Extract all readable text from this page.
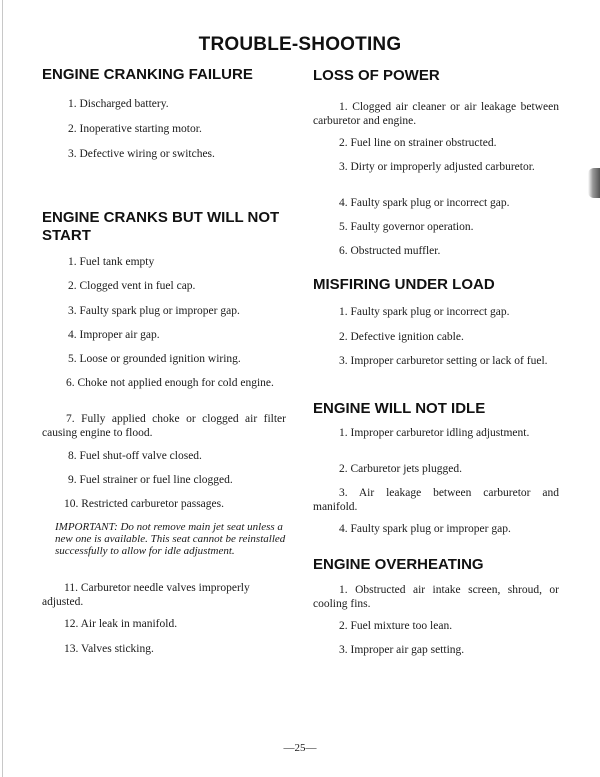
TROUBLE-SHOOTING
ENGINE CRANKING FAILURE
1. Discharged battery.
2. Inoperative starting motor.
3. Defective wiring or switches.
ENGINE CRANKS BUT WILL NOT
START
1. Fuel tank empty
2. Clogged vent in fuel cap.
3. Faulty spark plug or improper gap.
4. Improper air gap.
5. Loose or grounded ignition wiring.
6. Choke not applied enough for cold engine.
7. Fully applied choke or clogged air filter causing engine to flood.
8. Fuel shut-off valve closed.
9. Fuel strainer or fuel line clogged.
10. Restricted carburetor passages.
IMPORTANT: Do not remove main jet seat unless a new one is available. This seat cannot be reinstalled successfully to allow for idle adjustment.
11. Carburetor needle valves improperly adjusted.
12. Air leak in manifold.
13. Valves sticking.
LOSS OF POWER
1. Clogged air cleaner or air leakage between carburetor and engine.
2. Fuel line on strainer obstructed.
3. Dirty or improperly adjusted carburetor.
4. Faulty spark plug or incorrect gap.
5. Faulty governor operation.
6. Obstructed muffler.
MISFIRING UNDER LOAD
1. Faulty spark plug or incorrect gap.
2. Defective ignition cable.
3. Improper carburetor setting or lack of fuel.
ENGINE WILL NOT IDLE
1. Improper carburetor idling adjustment.
2. Carburetor jets plugged.
3. Air leakage between carburetor and manifold.
4. Faulty spark plug or improper gap.
ENGINE OVERHEATING
1. Obstructed air intake screen, shroud, or cooling fins.
2. Fuel mixture too lean.
3. Improper air gap setting.
—25—
